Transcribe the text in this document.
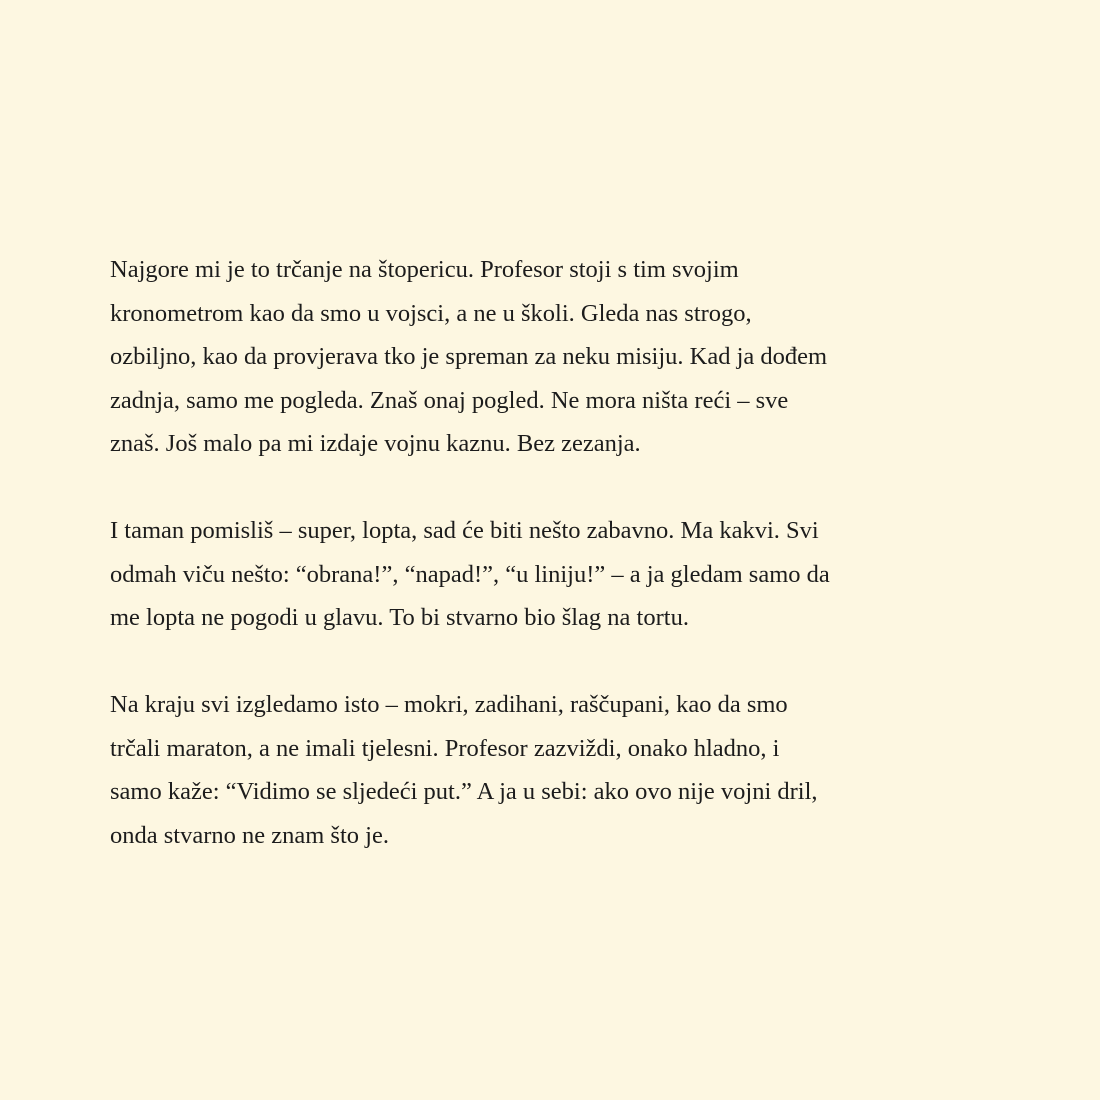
Najgore mi je to trčanje na štopericu. Profesor stoji s tim svojim
kronometrom kao da smo u vojsci, a ne u školi. Gleda nas strogo,
ozbiljno, kao da provjerava tko je spreman za neku misiju. Kad ja dođem
zadnja, samo me pogleda. Znaš onaj pogled. Ne mora ništa reći – sve
znaš. Još malo pa mi izdaje vojnu kaznu. Bez zezanja.

I taman pomisliš – super, lopta, sad će biti nešto zabavno. Ma kakvi. Svi
odmah viču nešto: “obrana!”, “napad!”, “u liniju!” – a ja gledam samo da
me lopta ne pogodi u glavu. To bi stvarno bio šlag na tortu.

Na kraju svi izgledamo isto – mokri, zadihani, raščupani, kao da smo
trčali maraton, a ne imali tjelesni. Profesor zazviždi, onako hladno, i
samo kaže: “Vidimo se sljedeći put.” A ja u sebi: ako ovo nije vojni dril,
onda stvarno ne znam što je.
